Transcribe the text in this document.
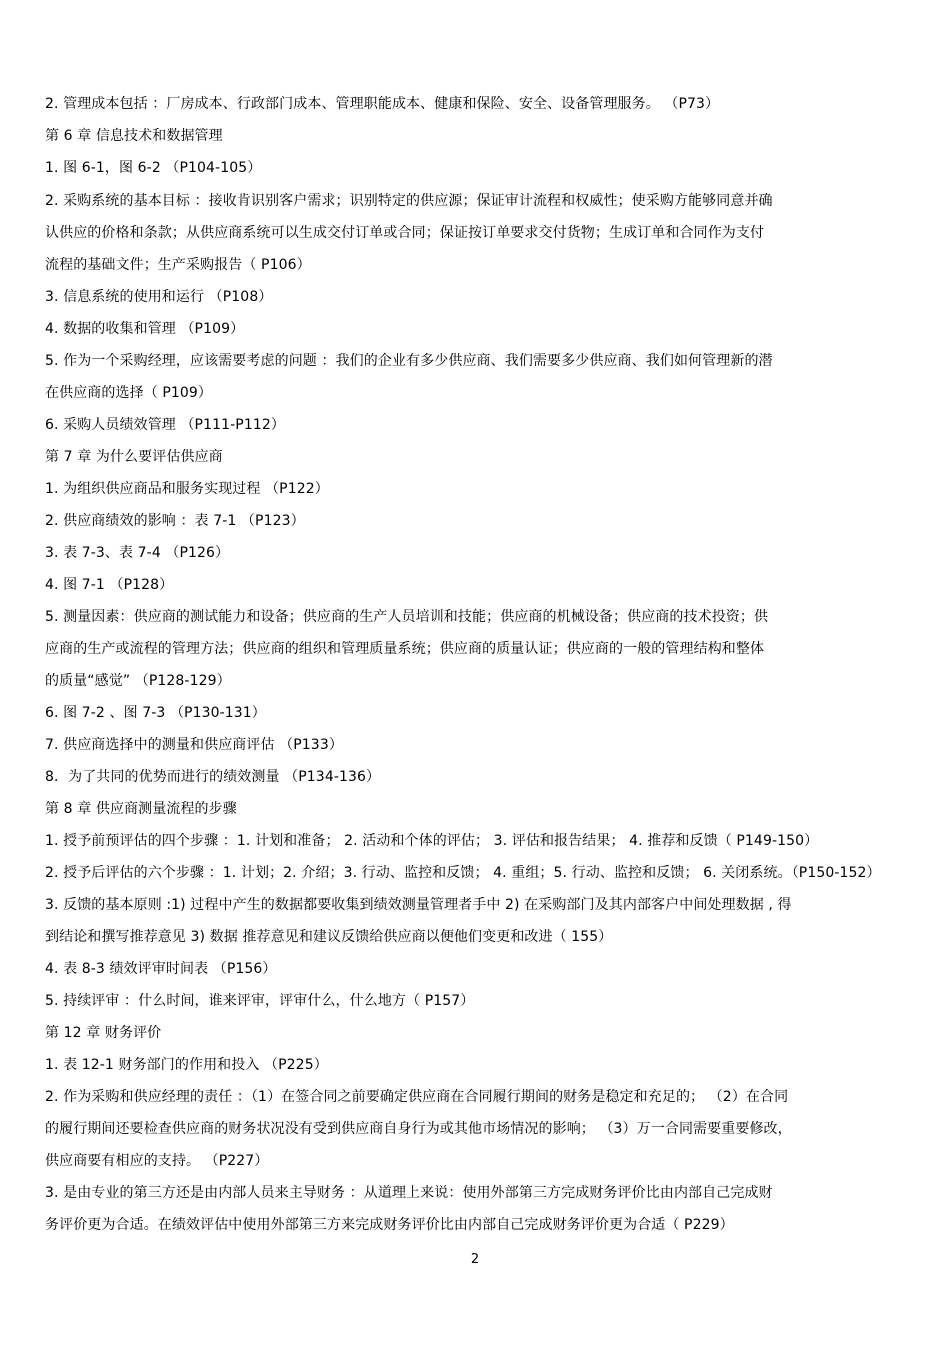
2. 管理成本包括 ：厂房成本、行政部门成本、管理职能成本、健康和保险、安全、设备管理服务。 （P73）
第 6 章 信息技术和数据管理
1. 图 6-1，图 6-2 （P104-105）
2. 采购系统的基本目标 ：接收肯识别客户需求；识别特定的供应源；保证审计流程和权威性；使采购方能够同意并确
认供应的价格和条款；从供应商系统可以生成交付订单或合同；保证按订单要求交付货物；生成订单和合同作为支付
流程的基础文件；生产采购报告（ P106）
3. 信息系统的使用和运行 （P108）
4. 数据的收集和管理 （P109）
5. 作为一个采购经理，应该需要考虑的问题 ：我们的企业有多少供应商、我们需要多少供应商、我们如何管理新的潜
在供应商的选择（ P109）
6. 采购人员绩效管理 （P111-P112）
第 7 章 为什么要评估供应商
1. 为组织供应商品和服务实现过程 （P122）
2. 供应商绩效的影响 ：表 7-1 （P123）
3. 表 7-3、表 7-4 （P126）
4. 图 7-1 （P128）
5. 测量因素：供应商的测试能力和设备；供应商的生产人员培训和技能；供应商的机械设备；供应商的技术投资；供
应商的生产或流程的管理方法；供应商的组织和管理质量系统；供应商的质量认证；供应商的一般的管理结构和整体
的质量“感觉” （P128-129）
6. 图 7-2 、图 7-3 （P130-131）
7. 供应商选择中的测量和供应商评估 （P133）
8．为了共同的优势而进行的绩效测量 （P134-136）
第 8 章 供应商测量流程的步骤
1. 授予前预评估的四个步骤 ：1. 计划和准备； 2. 活动和个体的评估； 3. 评估和报告结果； 4. 推荐和反馈（ P149-150）
2. 授予后评估的六个步骤 ：1. 计划；2. 介绍；3. 行动、监控和反馈； 4. 重组；5. 行动、监控和反馈； 6. 关闭系统。（P150-152）
3. 反馈的基本原则 :1) 过程中产生的数据都要收集到绩效测量管理者手中 2) 在采购部门及其内部客户中间处理数据 , 得
到结论和撰写推荐意见 3) 数据 推荐意见和建议反馈给供应商以便他们变更和改进（ 155）
4. 表 8-3 绩效评审时间表 （P156）
5. 持续评审 ：什么时间，谁来评审，评审什么，什么地方（ P157）
第 12 章 财务评价
1. 表 12-1 财务部门的作用和投入 （P225）
2. 作为采购和供应经理的责任 ：（1）在签合同之前要确定供应商在合同履行期间的财务是稳定和充足的； （2）在合同
的履行期间还要检查供应商的财务状况没有受到供应商自身行为或其他市场情况的影响； （3）万一合同需要重要修改，
供应商要有相应的支持。 （P227）
3. 是由专业的第三方还是由内部人员来主导财务 ：从道理上来说：使用外部第三方完成财务评价比由内部自己完成财
务评价更为合适。在绩效评估中使用外部第三方来完成财务评价比由内部自己完成财务评价更为合适（ P229）
2
